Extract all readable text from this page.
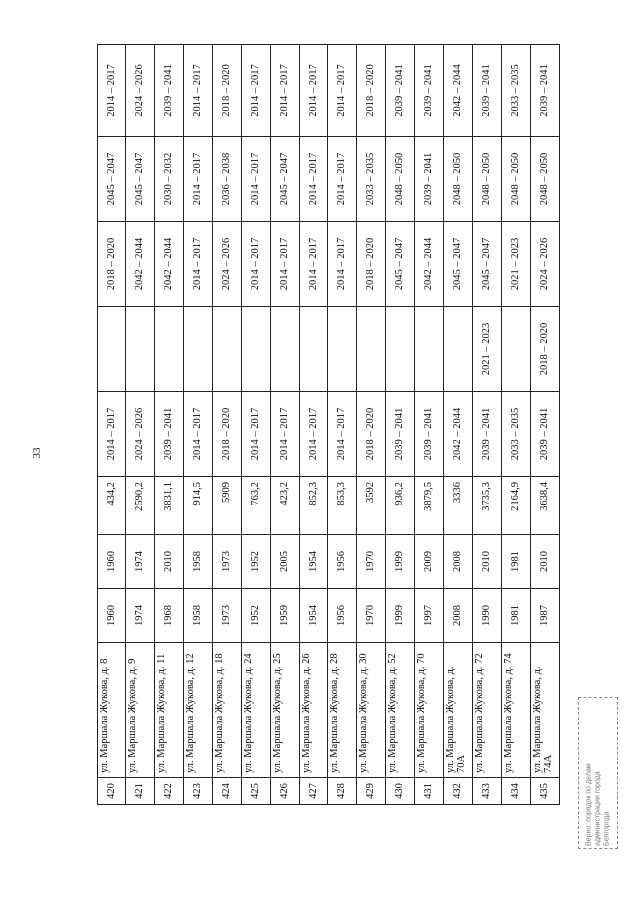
33
420	ул. Маршала Жукова, д. 8	1960	1960	434,2	2014 – 2017		2018 – 2020	2045 – 2047	2014 – 2017
421	ул. Маршала Жукова, д. 9	1974	1974	2590,2	2024 – 2026		2042 – 2044	2045 – 2047	2024 – 2026
422	ул. Маршала Жукова, д. 11	1968	2010	3831,1	2039 – 2041		2042 – 2044	2030 – 2032	2039 – 2041
423	ул. Маршала Жукова, д. 12	1958	1958	914,5	2014 – 2017		2014 – 2017	2014 – 2017	2014 – 2017
424	ул. Маршала Жукова, д. 18	1973	1973	5909	2018 – 2020		2024 – 2026	2036 – 2038	2018 – 2020
425	ул. Маршала Жукова, д. 24	1952	1952	763,2	2014 – 2017		2014 – 2017	2014 – 2017	2014 – 2017
426	ул. Маршала Жукова, д. 25	1959	2005	423,2	2014 – 2017		2014 – 2017	2045 – 2047	2014 – 2017
427	ул. Маршала Жукова, д. 26	1954	1954	852,3	2014 – 2017		2014 – 2017	2014 – 2017	2014 – 2017
428	ул. Маршала Жукова, д. 28	1956	1956	853,3	2014 – 2017		2014 – 2017	2014 – 2017	2014 – 2017
429	ул. Маршала Жукова, д. 30	1970	1970	3592	2018 – 2020		2018 – 2020	2033 – 2035	2018 – 2020
430	ул. Маршала Жукова, д. 52	1999	1999	936,2	2039 – 2041		2045 – 2047	2048 – 2050	2039 – 2041
431	ул. Маршала Жукова, д. 70	1997	2009	3879,5	2039 – 2041		2042 – 2044	2039 – 2041	2039 – 2041
432	ул. Маршала Жукова, д. 70А	2008	2008	3336	2042 – 2044		2045 – 2047	2048 – 2050	2042 – 2044
433	ул. Маршала Жукова, д. 72	1990	2010	3735,3	2039 – 2041	2021 – 2023	2045 – 2047	2048 – 2050	2039 – 2041
434	ул. Маршала Жукова, д. 74	1981	1981	2164,9	2033 – 2035		2021 – 2023	2048 – 2050	2033 – 2035
435	ул. Маршала Жукова, д. 74А	1987	2010	3638,4	2039 – 2041	2018 – 2020	2024 – 2026	2048 – 2050	2039 – 2041
Верно: порядок по делам
администрации города
Белгорода
